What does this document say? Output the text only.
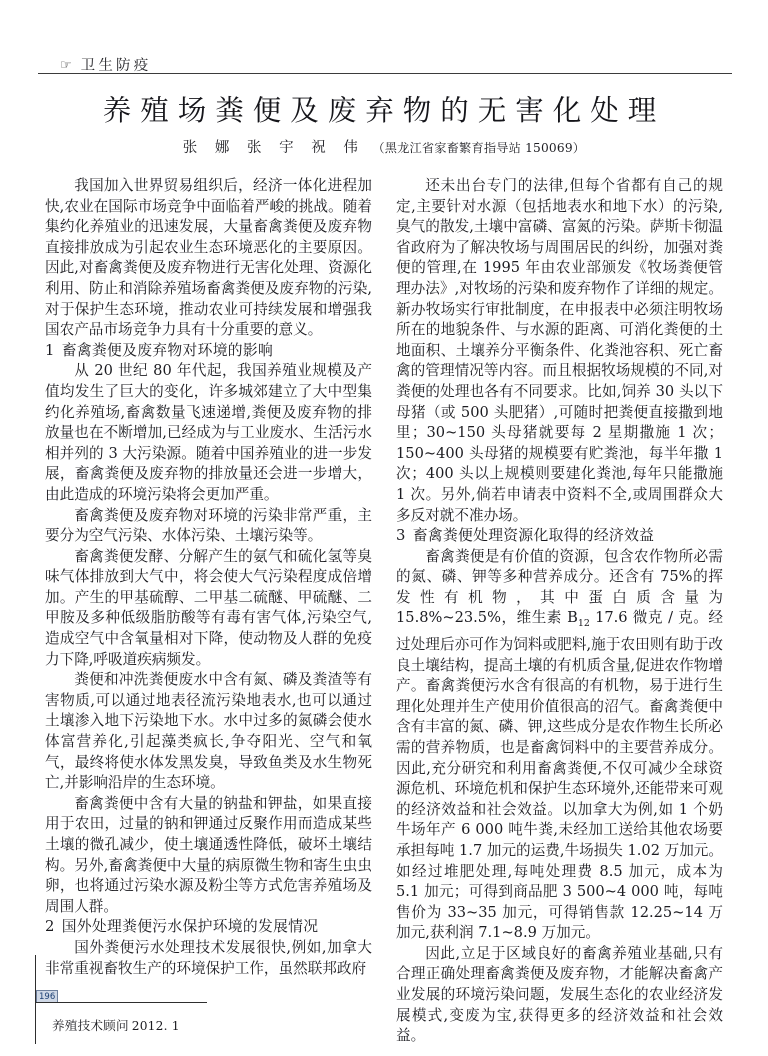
☞ 卫生防疫
养殖场粪便及废弃物的无害化处理
张 娜 张 宇 祝 伟 （黑龙江省家畜繁育指导站 150069）

我国加入世界贸易组织后，经济一体化进程加快,农业在国际市场竞争中面临着严峻的挑战。随着集约化养殖业的迅速发展，大量畜禽粪便及废弃物直接排放成为引起农业生态环境恶化的主要原因。因此,对畜禽粪便及废弃物进行无害化处理、资源化利用、防止和消除养殖场畜禽粪便及废弃物的污染,对于保护生态环境，推动农业可持续发展和增强我国农产品市场竞争力具有十分重要的意义。

1 畜禽粪便及废弃物对环境的影响

从 20 世纪 80 年代起，我国养殖业规模及产值均发生了巨大的变化，许多城郊建立了大中型集约化养殖场,畜禽数量飞速递增,粪便及废弃物的排放量也在不断增加,已经成为与工业废水、生活污水相并列的 3 大污染源。随着中国养殖业的进一步发展，畜禽粪便及废弃物的排放量还会进一步增大，由此造成的环境污染将会更加严重。

畜禽粪便及废弃物对环境的污染非常严重，主要分为空气污染、水体污染、土壤污染等。

畜禽粪便发酵、分解产生的氨气和硫化氢等臭味气体排放到大气中，将会使大气污染程度成倍增加。产生的甲基硫醇、二甲基二硫醚、甲硫醚、二甲胺及多种低级脂肪酸等有毒有害气体,污染空气,造成空气中含氧量相对下降，使动物及人群的免疫力下降,呼吸道疾病频发。

粪便和冲洗粪便废水中含有氮、磷及粪渣等有害物质,可以通过地表径流污染地表水,也可以通过土壤渗入地下污染地下水。水中过多的氮磷会使水体富营养化,引起藻类疯长,争夺阳光、空气和氧气，最终将使水体发黑发臭，导致鱼类及水生物死亡,并影响沿岸的生态环境。

畜禽粪便中含有大量的钠盐和钾盐，如果直接用于农田，过量的钠和钾通过反聚作用而造成某些土壤的微孔减少，使土壤通透性降低，破坏土壤结构。另外,畜禽粪便中大量的病原微生物和寄生虫虫卵，也将通过污染水源及粉尘等方式危害养殖场及周围人群。

2 国外处理粪便污水保护环境的发展情况

国外粪便污水处理技术发展很快,例如,加拿大非常重视畜牧生产的环境保护工作，虽然联邦政府

还未出台专门的法律,但每个省都有自己的规定,主要针对水源（包括地表水和地下水）的污染,臭气的散发,土壤中富磷、富氮的污染。萨斯卡彻温省政府为了解决牧场与周围居民的纠纷，加强对粪便的管理,在 1995 年由农业部颁发《牧场粪便管理办法》,对牧场的污染和废弃物作了详细的规定。新办牧场实行审批制度，在申报表中必须注明牧场所在的地貌条件、与水源的距离、可消化粪便的土地面积、土壤养分平衡条件、化粪池容积、死亡畜禽的管理情况等内容。而且根据牧场规模的不同,对粪便的处理也各有不同要求。比如,饲养 30 头以下母猪（或 500 头肥猪）,可随时把粪便直接撒到地里；30~150 头母猪就要每 2 星期撒施 1 次；150~400 头母猪的规模要有贮粪池，每半年撒 1 次；400 头以上规模则要建化粪池,每年只能撒施 1 次。另外,倘若申请表中资料不全,或周围群众大多反对就不准办场。

3 畜禽粪便处理资源化取得的经济效益

畜禽粪便是有价值的资源，包含农作物所必需的氮、磷、钾等多种营养成分。还含有 75%的挥发性有机物，其中蛋白质含量为 15.8%~23.5%，维生素 $B_{12}$ 17.6 微克 / 克。经过处理后亦可作为饲料或肥料,施于农田则有助于改良土壤结构，提高土壤的有机质含量,促进农作物增产。畜禽粪便污水含有很高的有机物，易于进行生理化处理并生产使用价值很高的沼气。畜禽粪便中含有丰富的氮、磷、钾,这些成分是农作物生长所必需的营养物质，也是畜禽饲料中的主要营养成分。因此,充分研究和利用畜禽粪便,不仅可减少全球资源危机、环境危机和保护生态环境外,还能带来可观的经济效益和社会效益。以加拿大为例,如 1 个奶牛场年产 6 000 吨牛粪,未经加工送给其他农场要承担每吨 1.7 加元的运费,牛场损失 1.02 万加元。如经过堆肥处理,每吨处理费 8.5 加元，成本为 5.1 加元；可得到商品肥 3 500~4 000 吨，每吨售价为 33~35 加元，可得销售款 12.25~14 万加元,获利润 7.1~8.9 万加元。

因此,立足于区域良好的畜禽养殖业基础,只有合理正确处理畜禽粪便及废弃物，才能解决畜禽产业发展的环境污染问题，发展生态化的农业经济发展模式,变废为宝,获得更多的经济效益和社会效益。

196
养殖技术顾问 2012. 1
